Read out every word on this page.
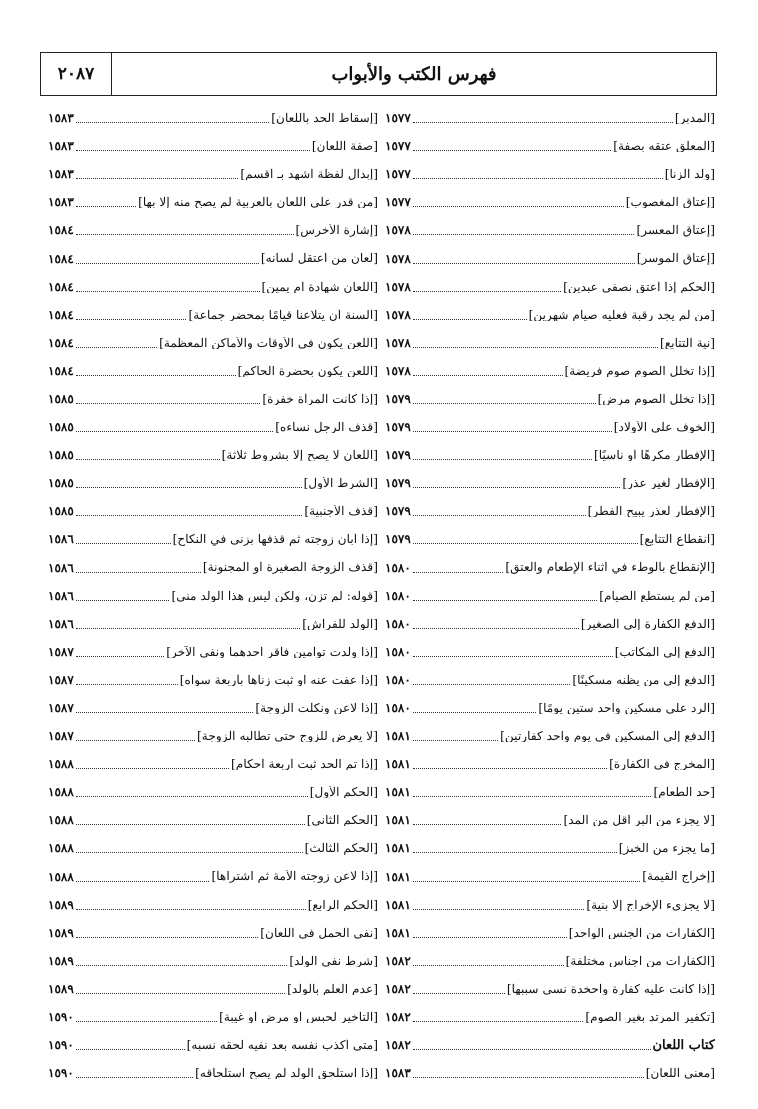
فهرس الكتب والأبواب
٢٠٨٧
[المدبر]
١٥٧٧
[المعلق عتقه بصفة]
١٥٧٧
[ولد الزنا]
١٥٧٧
[إعتاق المغصوب]
١٥٧٧
[إعتاق المعسر]
١٥٧٨
[إعتاق الموسر]
١٥٧٨
[الحكم إذا أعتق نصفي عبدين]
١٥٧٨
[من لم يجد رقبة فعليه صيام شهرين]
١٥٧٨
[نية التتابع]
١٥٧٨
[إذا تخلل الصوم صوم فريضة]
١٥٧٨
[إذا تخلل الصوم مرض]
١٥٧٩
[الخوف على الأولاد]
١٥٧٩
[الإفطار مكرهًا أو ناسيًا]
١٥٧٩
[الإفطار لغير عذر]
١٥٧٩
[الإفطار لعذر يبيح الفطر]
١٥٧٩
[انقطاع التتابع]
١٥٧٩
[الإنقطاع بالوطء في أثناء الإطعام والعتق]
١٥٨٠
[من لم يستطع الصيام]
١٥٨٠
[الدفع الكفارة إلى الصغير]
١٥٨٠
[الدفع إلى المكاتب]
١٥٨٠
[الدفع إلى من يظنه مسكينًا]
١٥٨٠
[الرد على مسكين واحد ستين يومًا]
١٥٨٠
[الدفع إلى المسكين في يوم واحد كفارتين]
١٥٨١
[المخرج في الكفارة]
١٥٨١
[حد الطعام]
١٥٨١
[لا يجزء من البر أقل من المد]
١٥٨١
[ما يجزء من الخبز]
١٥٨١
[إخراج القيمة]
١٥٨١
[لا يجزيء الإخراج إلا بنية]
١٥٨١
[الكفارات من الجنس الواحد]
١٥٨١
[الكفارات من أجناس مختلفة]
١٥٨٢
[إذا كانت عليه كفارة واحخدة نسي سببها]
١٥٨٢
[تكفير المرتد بغير الصوم]
١٥٨٢
كتاب اللِّعان
١٥٨٢
[معنى اللعان]
١٥٨٣
[إسقاط الحد باللعان]
١٥٨٣
[صفة اللعان]
١٥٨٣
[إبدال لفظة أشهد بـ أقسم]
١٥٨٣
[من قدر على اللعان بالعربية لم يصح منه إلا بها]
١٥٨٣
[إشارة الأخرس]
١٥٨٤
[لعان من اعتقل لسانه]
١٥٨٤
[اللعان شهادة أم يمين]
١٥٨٤
[السنة أن يتلاعنا قيامًا بمحضر جماعة]
١٥٨٤
[اللعن يكون في الأوقات والأماكن المعظمة]
١٥٨٤
[اللعن يكون بحضرة الحاكم]
١٥٨٤
[إذا كانت المرأة خفرة]
١٥٨٥
[قذف الرجل نساءه]
١٥٨٥
[اللعان لا يصح إلا بشروط ثلاثة]
١٥٨٥
[الشرط الأول]
١٥٨٥
[قذف الأجنبية]
١٥٨٥
[إذا أبان زوجته ثم قذفها بزنى في النكاح]
١٥٨٦
[قذف الزوجة الصغيرة أو المجنونة]
١٥٨٦
[قوله: لم تزن، ولكن ليس هذا الولد مني]
١٥٨٦
[الولد للفراش]
١٥٨٦
[إذا ولدت توأمين فأقر أحدهما ونفى الآخر]
١٥٨٧
[إذا عفت عنه أو ثبت زناها بأربعة سواه]
١٥٨٧
[إذا لاعن ونكلت الزوجة]
١٥٨٧
[لا يعرض للزوج حتى تطالبه الزوجة]
١٥٨٧
[إذا تم الحد ثبت أربعة أحكام]
١٥٨٨
[الحكم الأول]
١٥٨٨
[الحكم الثاني]
١٥٨٨
[الحكم الثالث]
١٥٨٨
[إذا لاعن زوجته الأمة ثم اشتراها]
١٥٨٨
[الحكم الرابع]
١٥٨٩
[نفي الحمل في اللعان]
١٥٨٩
[شرط نفي الولد]
١٥٨٩
[عدم العلم بالولد]
١٥٨٩
[التأخير لحبس أو مرض أو غيبة]
١٥٩٠
[متى أكذب نفسه بعد نفيه لحقه نسبه]
١٥٩٠
[إذا استلحق الولد لم يصح استلحاقه]
١٥٩٠
